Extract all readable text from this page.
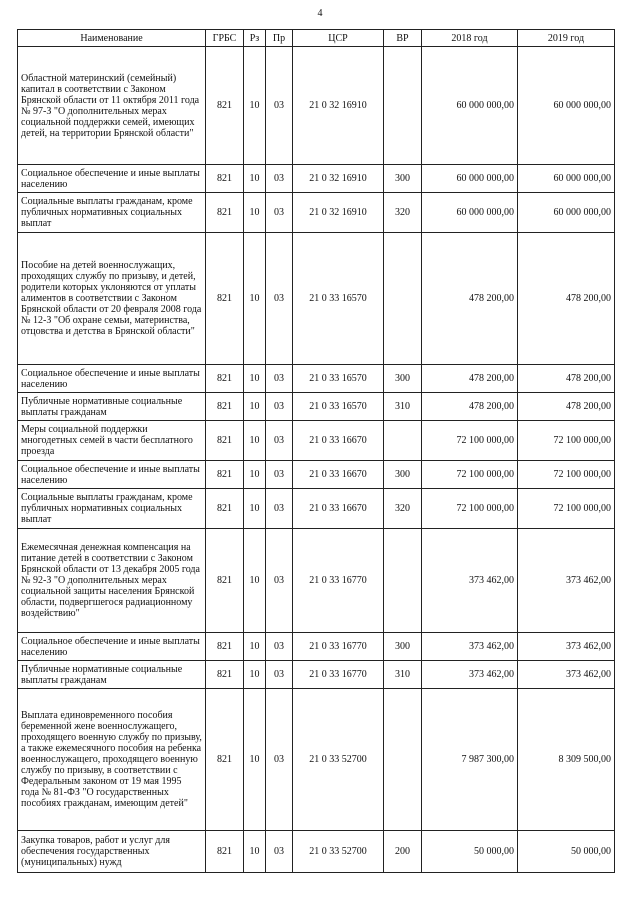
4
Наименование	ГРБС	Рз	Пр	ЦСР	ВР	2018 год	2019 год
Областной материнский (семейный) капитал в соответствии с Законом Брянской области от 11 октября 2011 года № 97-З "О дополнительных мерах социальной поддержки семей, имеющих детей, на территории Брянской области"	821	10	03	21 0 32 16910		60 000 000,00	60 000 000,00
Социальное обеспечение и иные выплаты населению	821	10	03	21 0 32 16910	300	60 000 000,00	60 000 000,00
Социальные выплаты гражданам, кроме публичных нормативных социальных выплат	821	10	03	21 0 32 16910	320	60 000 000,00	60 000 000,00
Пособие на детей военнослужащих, проходящих службу по призыву, и детей, родители которых уклоняются от уплаты алиментов в соответствии с Законом Брянской области от 20 февраля 2008 года № 12-З "Об охране семьи, материнства, отцовства и детства в Брянской области"	821	10	03	21 0 33 16570		478 200,00	478 200,00
Социальное обеспечение и иные выплаты населению	821	10	03	21 0 33 16570	300	478 200,00	478 200,00
Публичные нормативные социальные выплаты гражданам	821	10	03	21 0 33 16570	310	478 200,00	478 200,00
Меры социальной поддержки многодетных семей в части бесплатного проезда	821	10	03	21 0 33 16670		72 100 000,00	72 100 000,00
Социальное обеспечение и иные выплаты населению	821	10	03	21 0 33 16670	300	72 100 000,00	72 100 000,00
Социальные выплаты гражданам, кроме публичных нормативных социальных выплат	821	10	03	21 0 33 16670	320	72 100 000,00	72 100 000,00
Ежемесячная денежная компенсация на питание детей в соответствии с Законом Брянской области от 13 декабря 2005 года № 92-З "О дополнительных мерах социальной защиты населения Брянской области, подвергшегося радиационному воздействию"	821	10	03	21 0 33 16770		373 462,00	373 462,00
Социальное обеспечение и иные выплаты населению	821	10	03	21 0 33 16770	300	373 462,00	373 462,00
Публичные нормативные социальные выплаты гражданам	821	10	03	21 0 33 16770	310	373 462,00	373 462,00
Выплата единовременного пособия беременной жене военнослужащего, проходящего военную службу по призыву, а также ежемесячного пособия на ребенка военнослужащего, проходящего военную службу по призыву, в соответствии с Федеральным законом от 19 мая 1995 года № 81-ФЗ "О государственных пособиях гражданам, имеющим детей"	821	10	03	21 0 33 52700		7 987 300,00	8 309 500,00
Закупка товаров, работ и услуг для обеспечения государственных (муниципальных) нужд	821	10	03	21 0 33 52700	200	50 000,00	50 000,00
